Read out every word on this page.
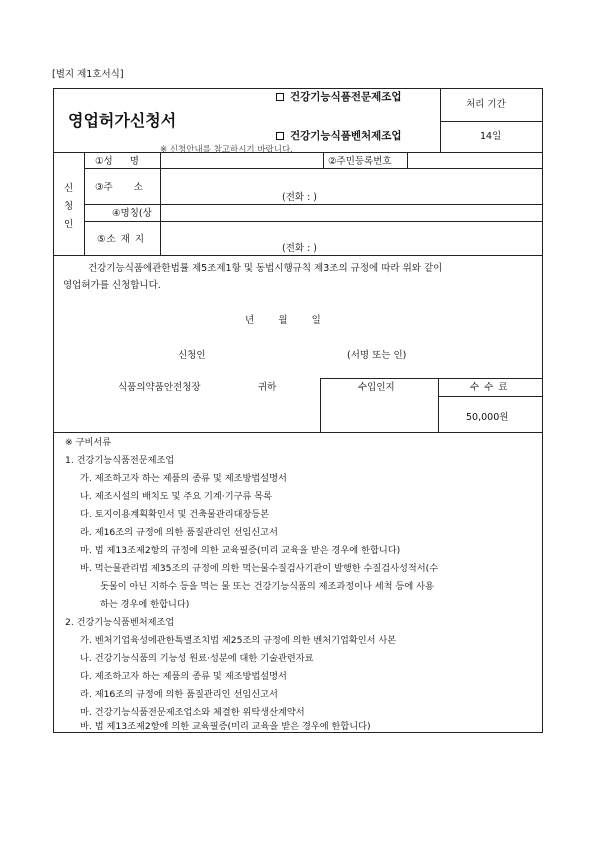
[별지 제1호서식]
영업허가신청서
건강기능식품전문제조업
건강기능식품벤처제조업
처리 기간
14일
※ 신청안내를 참고하시기 바랍니다.
신
청
인
①성 명	②주민등록번호
③주 소
(전화 : )
④명칭(상
⑤소 재 지
(전화 : )
건강기능식품에관한법률 제5조제1항 및 동법시행규칙 제3조의 규정에 따라 위와 같이
영업허가를 신청합니다.
년        월        일
신청인	(서명 또는 인)
식품의약품안전청장	귀하	수입인지	수 수 료
50,000원
※ 구비서류
1. 건강기능식품전문제조업
가. 제조하고자 하는 제품의 종류 및 제조방법설명서
나. 제조시설의 배치도 및 주요 기계·기구류 목록
다. 토지이용계획확인서 및 건축물관리대장등본
라. 제16조의 규정에 의한 품질관리인 선임신고서
마. 법 제13조제2항의 규정에 의한 교육필증(미리 교육을 받은 경우에 한합니다)
바. 먹는물관리법 제35조의 규정에 의한 먹는물수질검사기관이 발행한 수질검사성적서(수
돗물이 아닌 지하수 등을 먹는 물 또는 건강기능식품의 제조과정이나 세척 등에 사용
하는 경우에 한합니다)
2. 건강기능식품벤처제조업
가. 벤처기업육성에관한특별조치법 제25조의 규정에 의한 벤처기업확인서 사본
나. 건강기능식품의 기능성 원료·성분에 대한 기술관련자료
다. 제조하고자 하는 제품의 종류 및 제조방법설명서
라. 제16조의 규정에 의한 품질관리인 선임신고서
마. 건강기능식품전문제조업소와 체결한 위탁생산계약서
바. 법 제13조제2항에 의한 교육필증(미리 교육을 받은 경우에 한합니다)
